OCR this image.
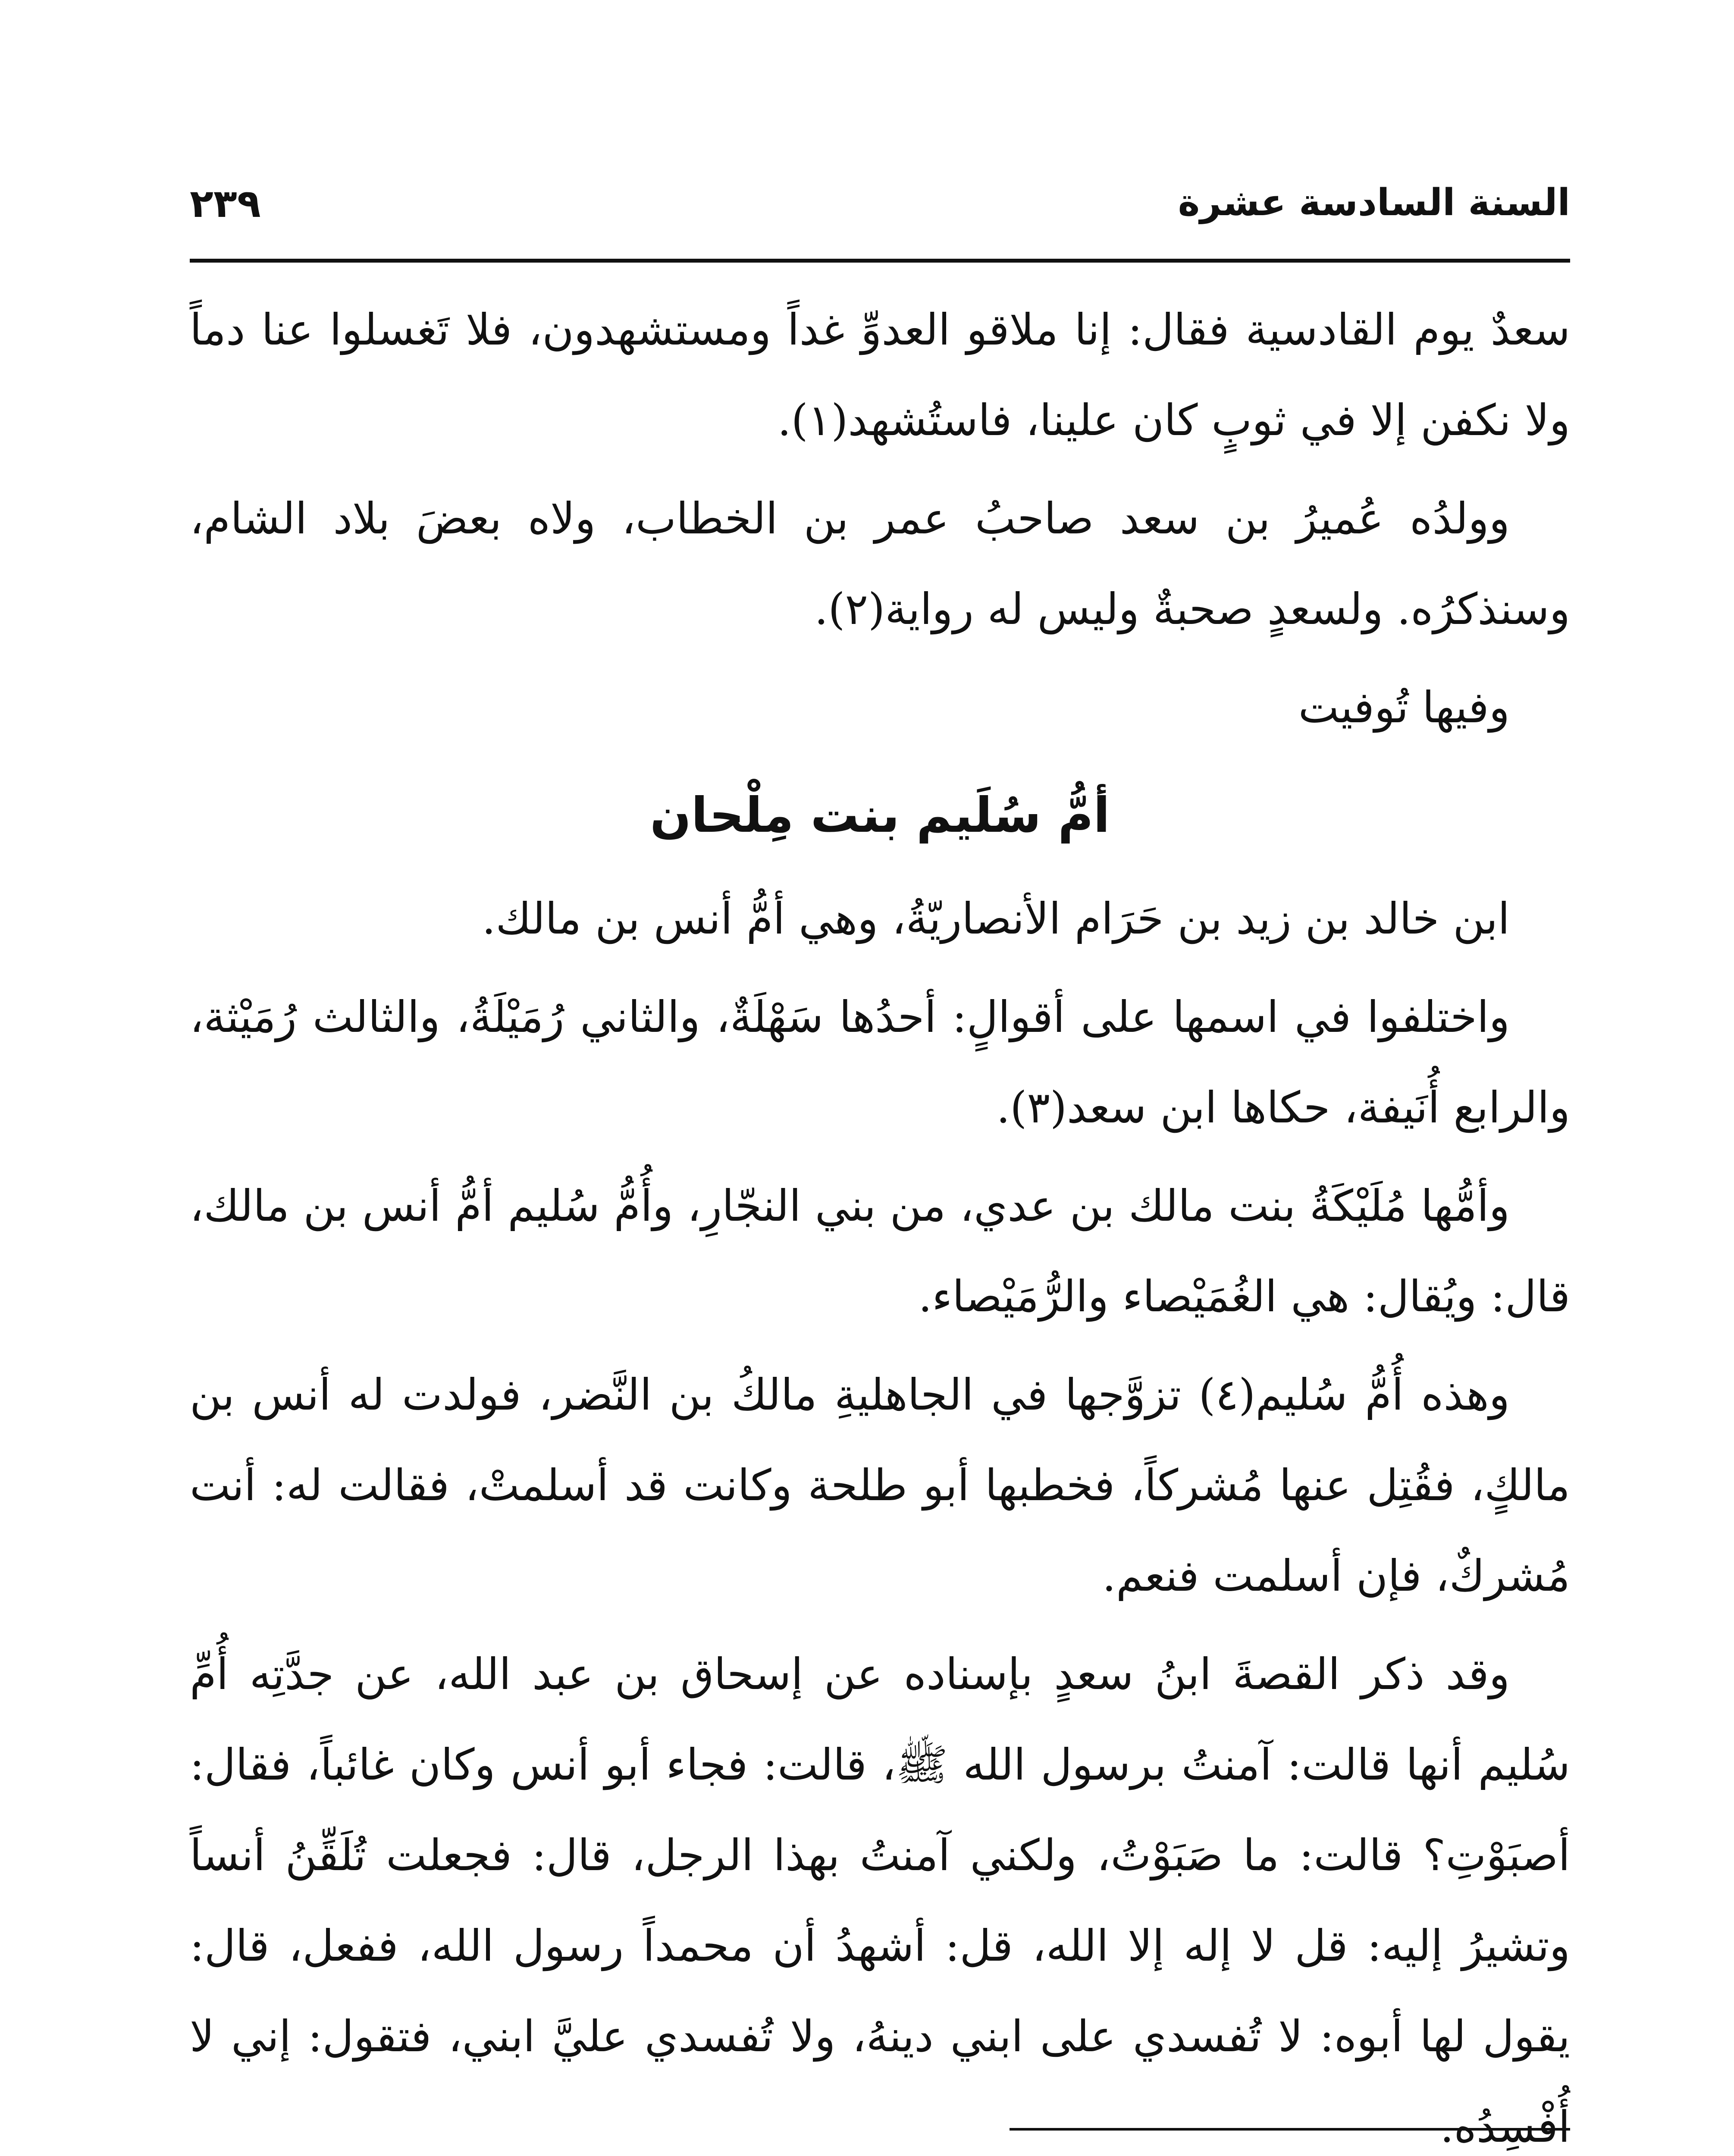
السنة السادسة عشرة
٢٣٩

سعدٌ يوم القادسية فقال: إنا ملاقو العدوِّ غداً ومستشهدون، فلا تَغسلوا عنا دماً ولا نكفن إلا في ثوبٍ كان علينا، فاستُشهد(١).

وولدُه عُميرُ بن سعد صاحبُ عمر بن الخطاب، ولاه بعضَ بلاد الشام، وسنذكرُه. ولسعدٍ صحبةٌ وليس له رواية(٢).

وفيها تُوفيت

أمُّ سُلَيم بنت مِلْحان

ابن خالد بن زيد بن حَرَام الأنصاريّةُ، وهي أمُّ أنس بن مالك.

واختلفوا في اسمها على أقوالٍ: أحدُها سَهْلَةٌ، والثاني رُمَيْلَةُ، والثالث رُمَيْثة، والرابع أُنَيفة، حكاها ابن سعد(٣).

وأمُّها مُلَيْكَةُ بنت مالك بن عدي، من بني النجّارِ، وأُمُّ سُليم أمُّ أنس بن مالك، قال: ويُقال: هي الغُمَيْصاء والرُّمَيْصاء.

وهذه أُمُّ سُليم(٤) تزوَّجها في الجاهليةِ مالكُ بن النَّضر، فولدت له أنس بن مالكٍ، فقُتِل عنها مُشركاً، فخطبها أبو طلحة وكانت قد أسلمتْ، فقالت له: أنت مُشركٌ، فإن أسلمت فنعم.

وقد ذكر القصةَ ابنُ سعدٍ بإسناده عن إسحاق بن عبد الله، عن جدَّتِه أُمِّ سُليم أنها قالت: آمنتُ برسول الله ﷺ، قالت: فجاء أبو أنس وكان غائباً، فقال: أصبَوْتِ؟ قالت: ما صَبَوْتُ، ولكني آمنتُ بهذا الرجل، قال: فجعلت تُلَقِّنُ أنساً وتشيرُ إليه: قل لا إله إلا الله، قل: أشهدُ أن محمداً رسول الله، ففعل، قال: يقول لها أبوه: لا تُفسدي على ابني دينهُ، ولا تُفسدي عليَّ ابني، فتقول: إني لا أُفْسِدُه.
